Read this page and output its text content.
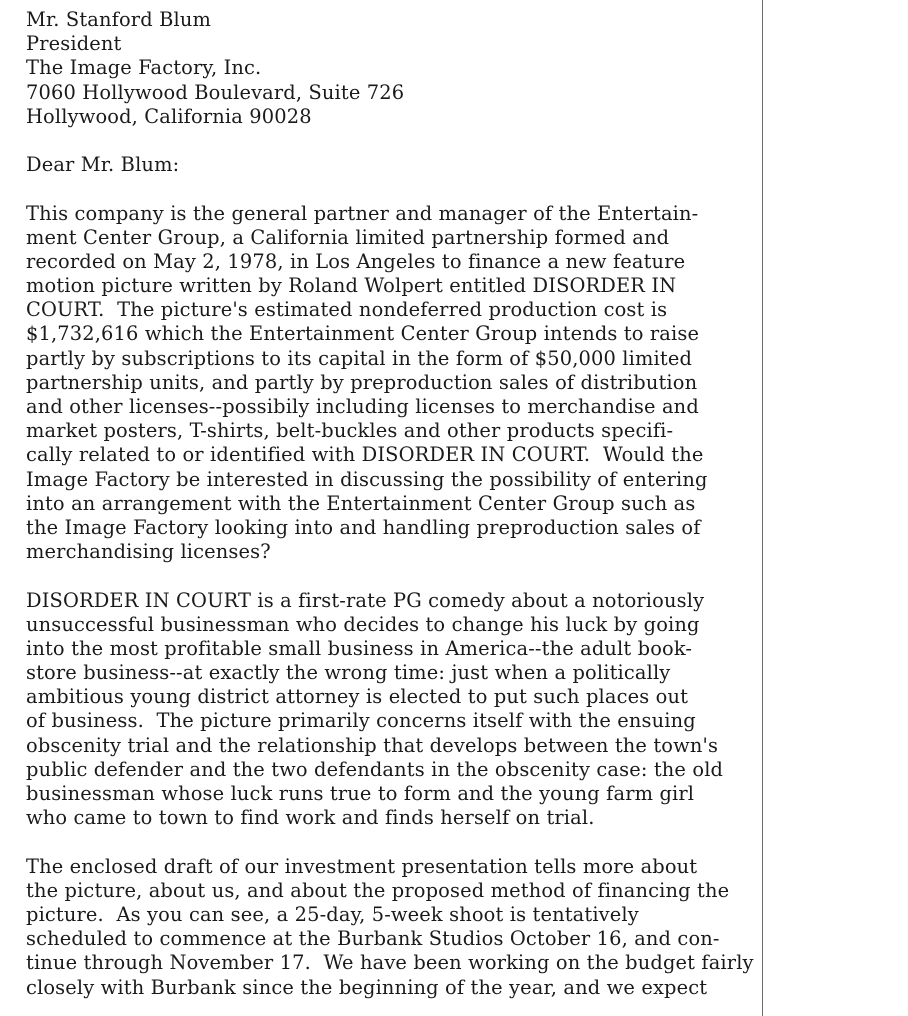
Mr. Stanford Blum
President
The Image Factory, Inc.
7060 Hollywood Boulevard, Suite 726
Hollywood, California 90028
Dear Mr. Blum:
This company is the general partner and manager of the Entertain-
ment Center Group, a California limited partnership formed and
recorded on May 2, 1978, in Los Angeles to finance a new feature
motion picture written by Roland Wolpert entitled DISORDER IN
COURT.  The picture's estimated nondeferred production cost is
$1,732,616 which the Entertainment Center Group intends to raise
partly by subscriptions to its capital in the form of $50,000 limited
partnership units, and partly by preproduction sales of distribution
and other licenses--possibily including licenses to merchandise and
market posters, T-shirts, belt-buckles and other products specifi-
cally related to or identified with DISORDER IN COURT.  Would the
Image Factory be interested in discussing the possibility of entering
into an arrangement with the Entertainment Center Group such as
the Image Factory looking into and handling preproduction sales of
merchandising licenses?
DISORDER IN COURT is a first-rate PG comedy about a notoriously
unsuccessful businessman who decides to change his luck by going
into the most profitable small business in America--the adult book-
store business--at exactly the wrong time: just when a politically
ambitious young district attorney is elected to put such places out
of business.  The picture primarily concerns itself with the ensuing
obscenity trial and the relationship that develops between the town's
public defender and the two defendants in the obscenity case: the old
businessman whose luck runs true to form and the young farm girl
who came to town to find work and finds herself on trial.
The enclosed draft of our investment presentation tells more about
the picture, about us, and about the proposed method of financing the
picture.  As you can see, a 25-day, 5-week shoot is tentatively
scheduled to commence at the Burbank Studios October 16, and con-
tinue through November 17.  We have been working on the budget fairly
closely with Burbank since the beginning of the year, and we expect
